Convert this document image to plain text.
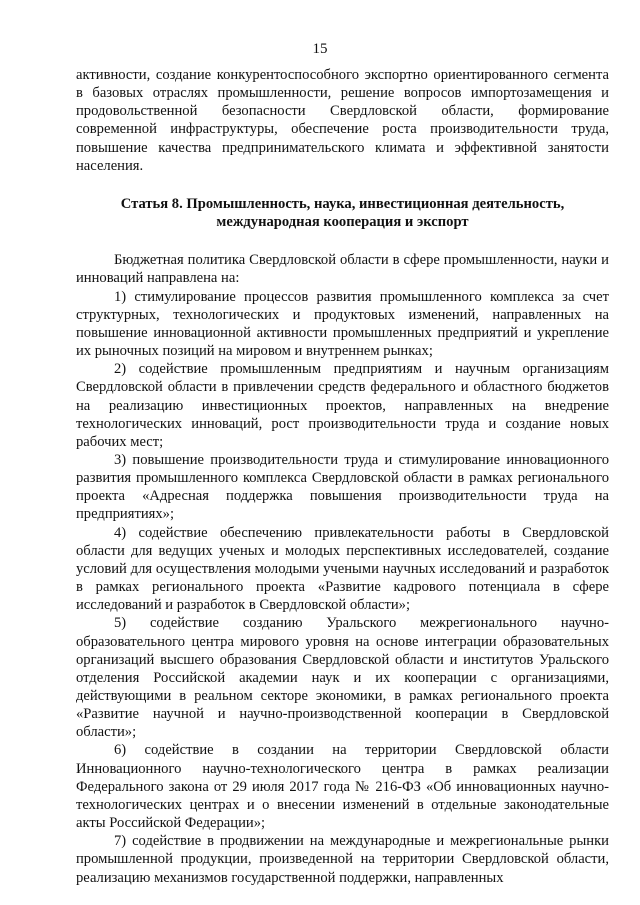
15

активности, создание конкурентоспособного экспортно ориентированного сегмента в базовых отраслях промышленности, решение вопросов импортозамещения и продовольственной безопасности Свердловской области, формирование современной инфраструктуры, обеспечение роста производительности труда, повышение качества предпринимательского климата и эффективной занятости населения.

Статья 8. Промышленность, наука, инвестиционная деятельность, международная кооперация и экспорт

Бюджетная политика Свердловской области в сфере промышленности, науки и инноваций направлена на:

1) стимулирование процессов развития промышленного комплекса за счет структурных, технологических и продуктовых изменений, направленных на повышение инновационной активности промышленных предприятий и укрепление их рыночных позиций на мировом и внутреннем рынках;

2) содействие промышленным предприятиям и научным организациям Свердловской области в привлечении средств федерального и областного бюджетов на реализацию инвестиционных проектов, направленных на внедрение технологических инноваций, рост производительности труда и создание новых рабочих мест;

3) повышение производительности труда и стимулирование инновационного развития промышленного комплекса Свердловской области в рамках регионального проекта «Адресная поддержка повышения производительности труда на предприятиях»;

4) содействие обеспечению привлекательности работы в Свердловской области для ведущих ученых и молодых перспективных исследователей, создание условий для осуществления молодыми учеными научных исследований и разработок в рамках регионального проекта «Развитие кадрового потенциала в сфере исследований и разработок в Свердловской области»;

5) содействие созданию Уральского межрегионального научно-образовательного центра мирового уровня на основе интеграции образовательных организаций высшего образования Свердловской области и институтов Уральского отделения Российской академии наук и их кооперации с организациями, действующими в реальном секторе экономики, в рамках регионального проекта «Развитие научной и научно-производственной кооперации в Свердловской области»;

6) содействие в создании на территории Свердловской области Инновационного научно-технологического центра в рамках реализации Федерального закона от 29 июля 2017 года № 216-ФЗ «Об инновационных научно-технологических центрах и о внесении изменений в отдельные законодательные акты Российской Федерации»;

7) содействие в продвижении на международные и межрегиональные рынки промышленной продукции, произведенной на территории Свердловской области, реализацию механизмов государственной поддержки, направленных
